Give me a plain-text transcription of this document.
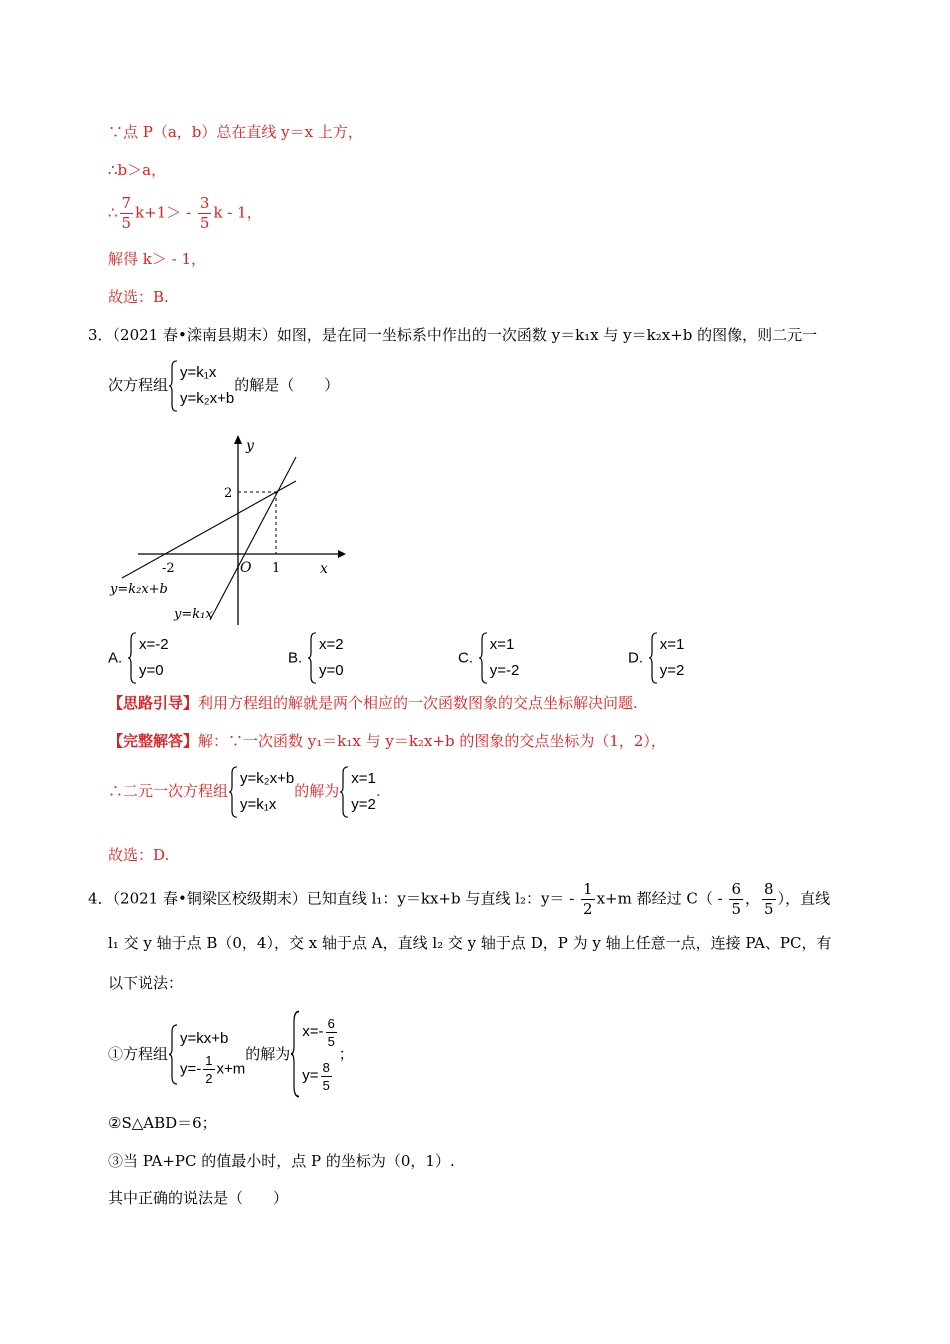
∵点 P（a，b）总在直线 y＝x 上方，
∴b＞a，
∴ $\frac{7}{5} k+1> - \frac{3}{5}$ k - 1，
解得 k＞ - 1，
故选：B.
3．（2021 春•滦南县期末）如图，是在同一坐标系中作出的一次函数 y＝k₁x 与 y＝k₂x+b 的图像，则二元一
次方程组
y=k₁x
y=k₂x+b
的解是（　　）
y
x
O
-2	1
2
y=k₂x+b
y=k₁x
A.
x=-2
y=0
B.
x=2
y=0
C.
x=1
y=-2
D.
x=1
y=2
【思路引导】利用方程组的解就是两个相应的一次函数图象的交点坐标解决问题.
【完整解答】解：∵一次函数 y₁＝k₁x 与 y＝k₂x+b 的图象的交点坐标为（1，2），
∴二元一次方程组
y=k₂x+b
y=k₁x
的解为
x=1
y=2
.
故选：D.
4．（2021 春•铜梁区校级期末）已知直线 l₁：y＝kx+b 与直线 l₂：$y= - \frac{1}{2} x+m$ 都经过 $C( - \frac{6}{5}$ ， $\frac{8}{5}$ ），直线
l₁ 交 y 轴于点 B（0，4），交 x 轴于点 A，直线 l₂ 交 y 轴于点 D，P 为 y 轴上任意一点，连接 PA、PC，有
以下说法：
①方程组
y=kx+b
$y=- \frac{1}{2} x+m$
的解为
$x=- \frac{6}{5}$
$y= \frac{8}{5}$
；
②S△ABD＝6；
③当 PA+PC 的值最小时，点 P 的坐标为（0，1）.
其中正确的说法是（　　）
